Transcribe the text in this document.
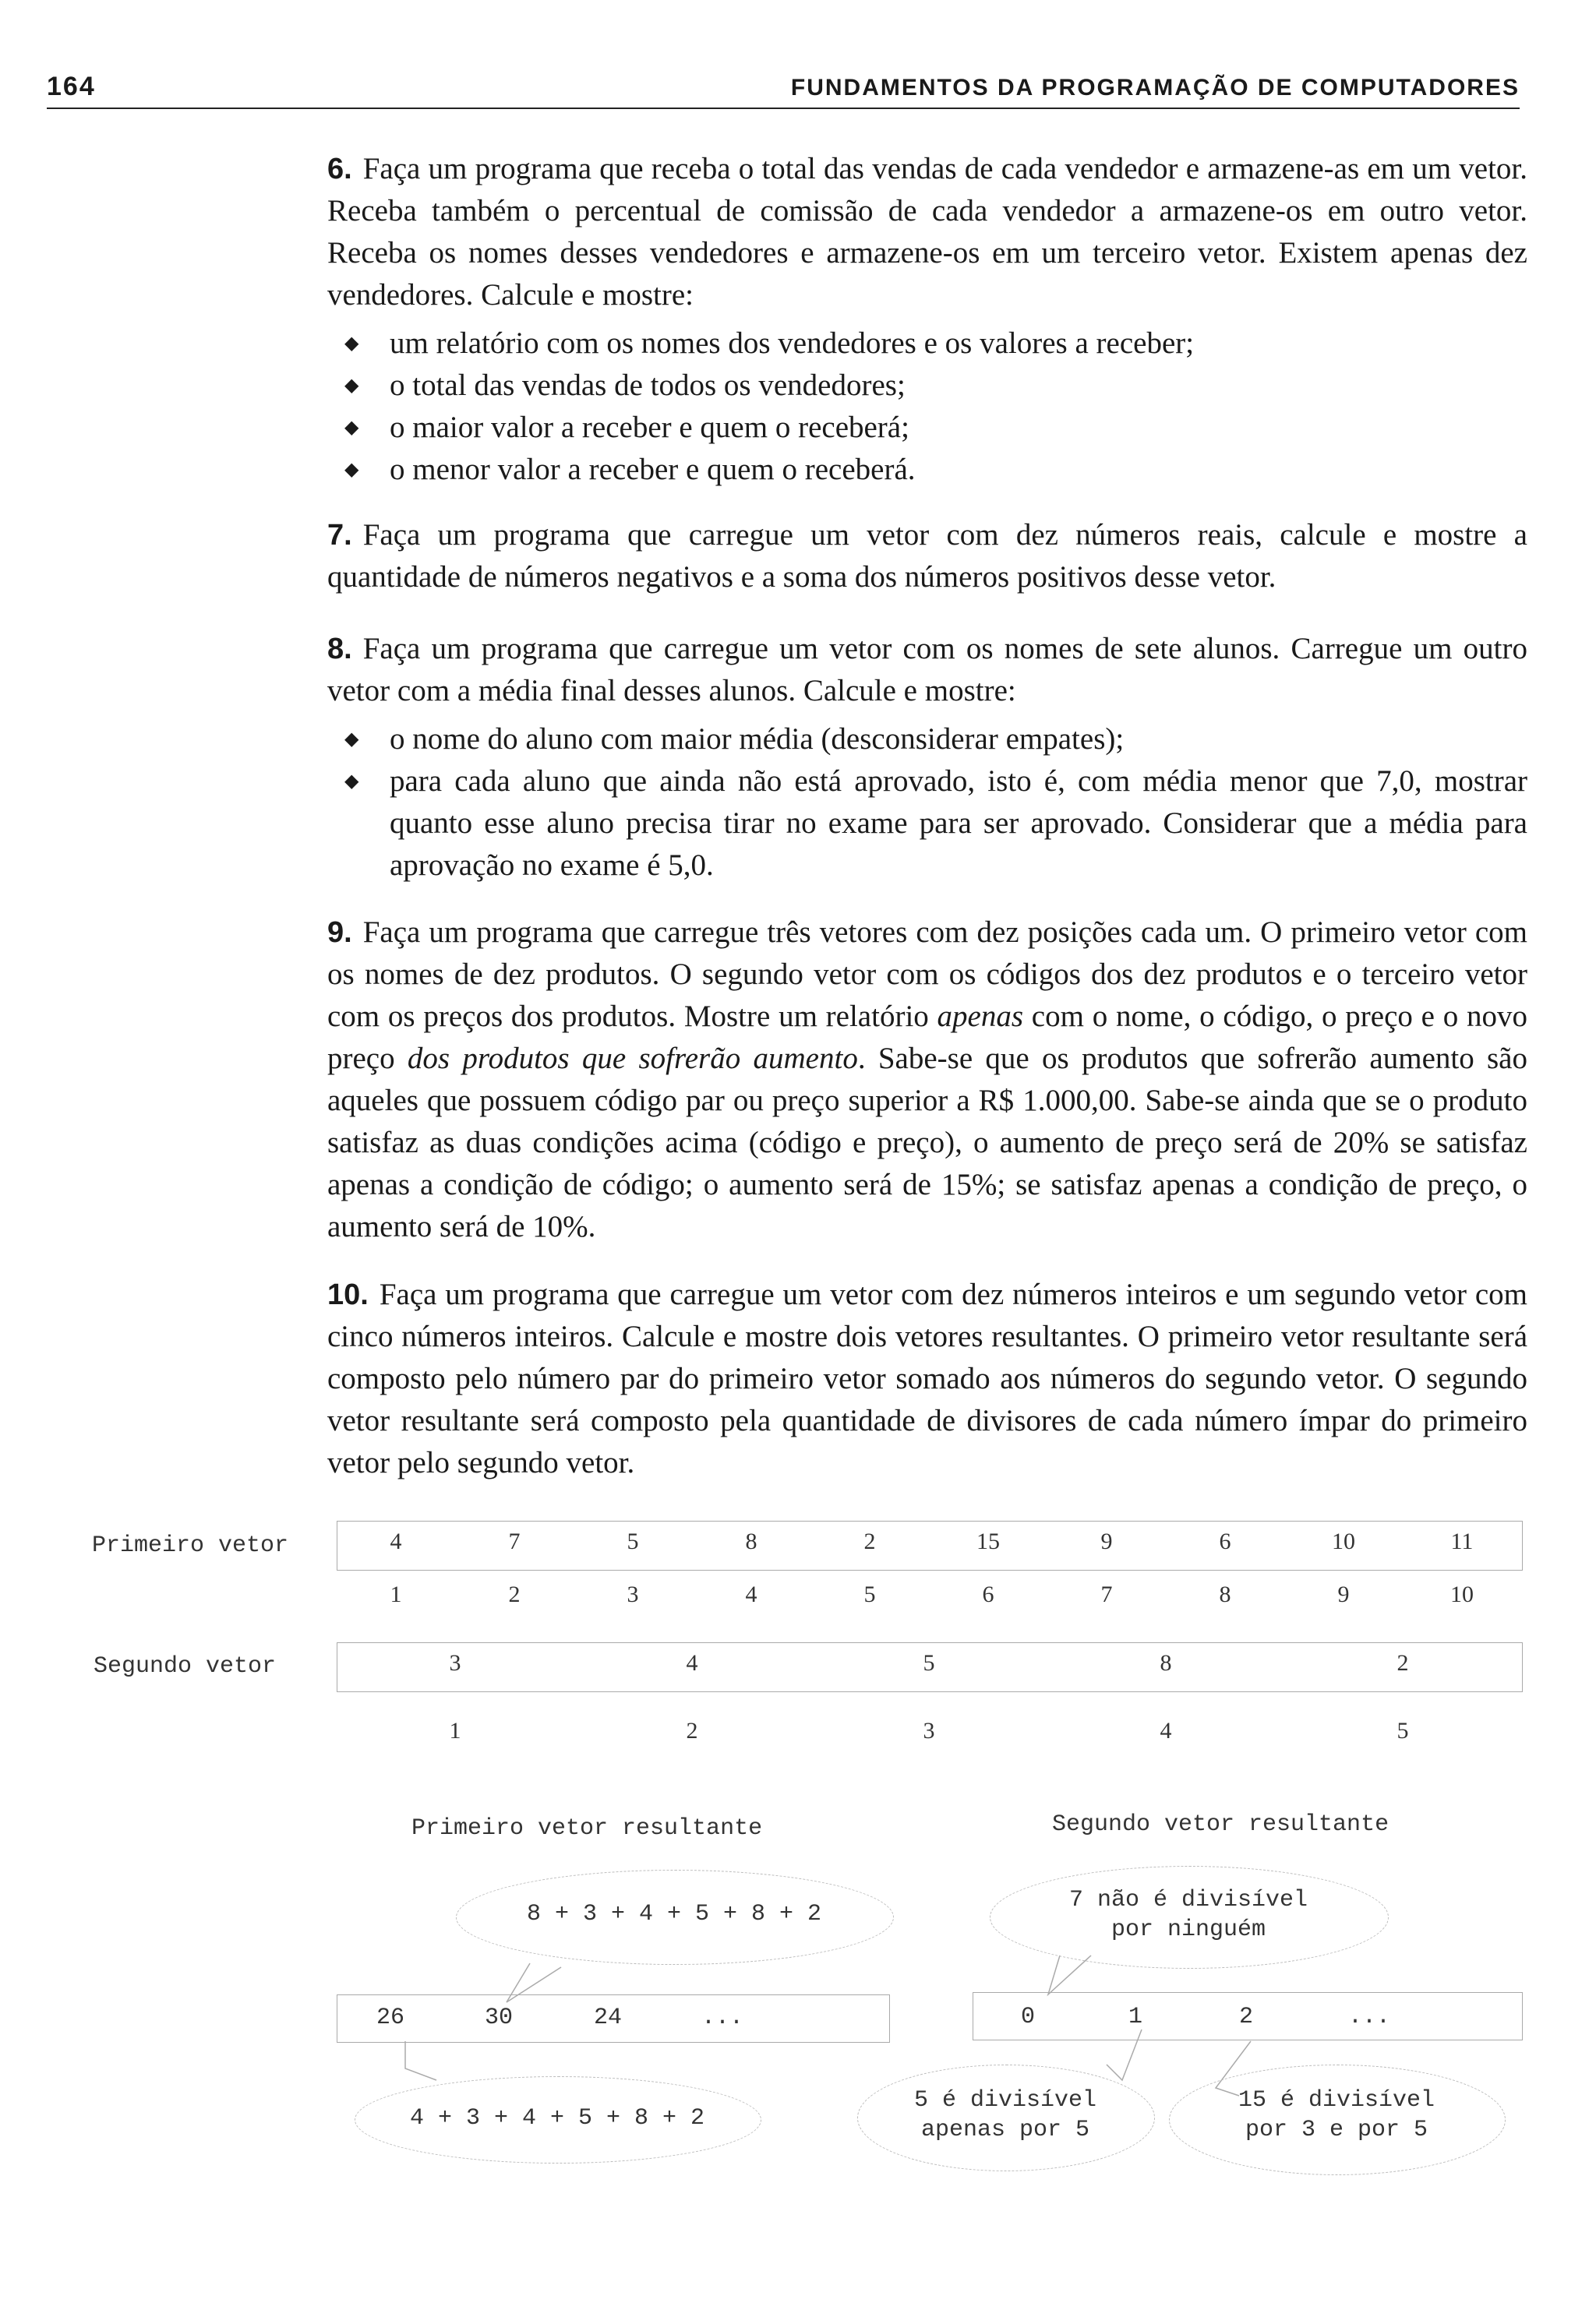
164	FUNDAMENTOS DA PROGRAMAÇÃO DE COMPUTADORES

6. Faça um programa que receba o total das vendas de cada vendedor e armazene-as em um vetor. Receba também o percentual de comissão de cada vendedor a armazene-os em outro vetor. Receba os nomes desses vendedores e armazene-os em um terceiro vetor. Existem apenas dez vendedores. Calcule e mostre:

◆ um relatório com os nomes dos vendedores e os valores a receber;
◆ o total das vendas de todos os vendedores;
◆ o maior valor a receber e quem o receberá;
◆ o menor valor a receber e quem o receberá.

7. Faça um programa que carregue um vetor com dez números reais, calcule e mostre a quantidade de números negativos e a soma dos números positivos desse vetor.

8. Faça um programa que carregue um vetor com os nomes de sete alunos. Carregue um outro vetor com a média final desses alunos. Calcule e mostre:

◆ o nome do aluno com maior média (desconsiderar empates);
◆ para cada aluno que ainda não está aprovado, isto é, com média menor que 7,0, mostrar quanto esse aluno precisa tirar no exame para ser aprovado. Considerar que a média para aprovação no exame é 5,0.

9. Faça um programa que carregue três vetores com dez posições cada um. O primeiro vetor com os nomes de dez produtos. O segundo vetor com os códigos dos dez produtos e o terceiro vetor com os preços dos produtos. Mostre um relatório apenas com o nome, o código, o preço e o novo preço dos produtos que sofrerão aumento. Sabe-se que os produtos que sofrerão aumento são aqueles que possuem código par ou preço superior a R$ 1.000,00. Sabe-se ainda que se o produto satisfaz as duas condições acima (código e preço), o aumento de preço será de 20% se satisfaz apenas a condição de código; o aumento será de 15%; se satisfaz apenas a condição de preço, o aumento será de 10%.

10. Faça um programa que carregue um vetor com dez números inteiros e um segundo vetor com cinco números inteiros. Calcule e mostre dois vetores resultantes. O primeiro vetor resultante será composto pelo número par do primeiro vetor somado aos números do segundo vetor. O segundo vetor resultante será composto pela quantidade de divisores de cada número ímpar do primeiro vetor pelo segundo vetor.

Primeiro vetor
Segundo vetor
4	7	5	8	2	15	9	6	10	11
1	2	3	4	5	6	7	8	9	10
3	4	5	8	2
1	2	3	4	5
Primeiro vetor resultante	Segundo vetor resultante
8 + 3 + 4 + 5 + 8 + 2
26	30	24	...
4 + 3 + 4 + 5 + 8 + 2
7 não é divisível
por ninguém
0	1	2	...
5 é divisível
apenas por 5
15 é divisível
por 3 e por 5
